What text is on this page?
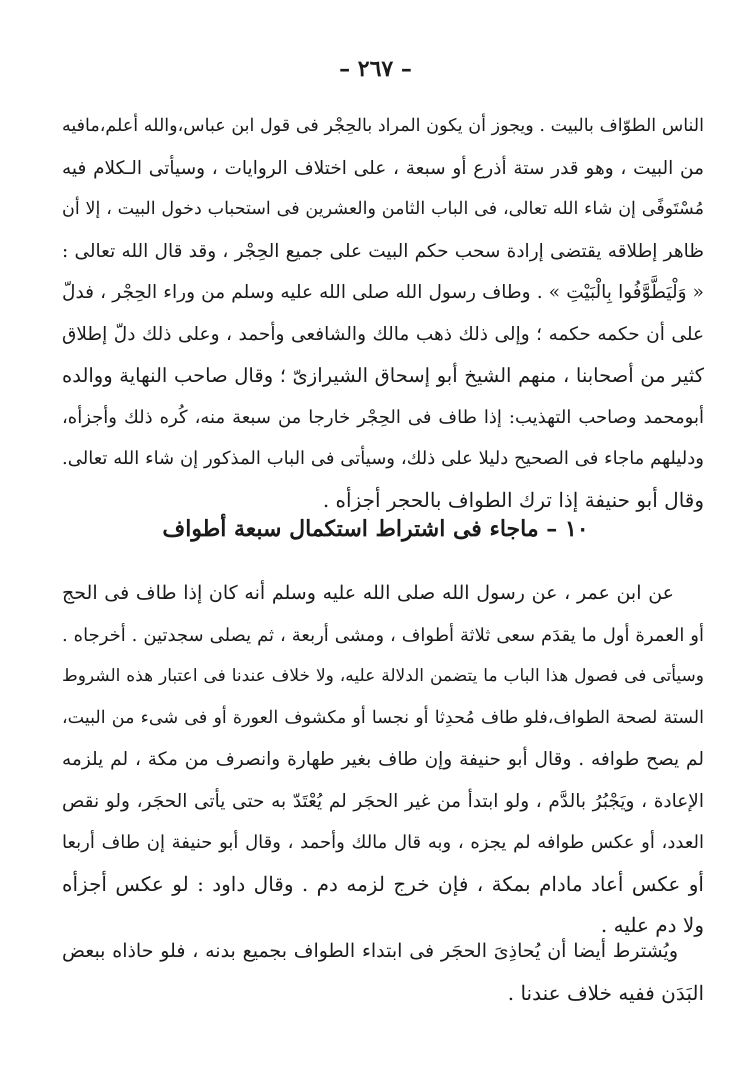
– ٢٦٧ –
الناس الطوّاف بالبيت . ويجوز أن يكون المراد بالحِجْر فى قول ابن عباس،والله أعلم،مافيه
من البيت ، وهو قدر ستة أذرع أو سبعة ، على اختلاف الروايات ، وسيأتى الـكلام فيه
مُسْتَوفًى إن شاء الله تعالى، فى الباب الثامن والعشرين فى استحباب دخول البيت ، إلا أن
ظاهر إطلاقه يقتضى إرادة سحب حكم البيت على جميع الحِجْر ، وقد قال الله تعالى :
« وَلْيَطَّوَّفُوا بِالْبَيْتِ » . وطاف رسول الله صلى الله عليه وسلم من وراء الحِجْر ، فدلّ
على أن حكمه حكمه ؛ وإلى ذلك ذهب مالك والشافعى وأحمد ، وعلى ذلك دلّ إطلاق
كثير من أصحابنا ، منهم الشيخ أبو إسحاق الشيرازىّ ؛ وقال صاحب النهاية ووالده
أبومحمد وصاحب التهذيب: إذا طاف فى الحِجْر خارجا من سبعة منه، كُره ذلك وأجزأه،
ودليلهم ماجاء فى الصحيح دليلا على ذلك، وسيأتى فى الباب المذكور إن شاء الله تعالى.
وقال أبو حنيفة إذا ترك الطواف بالحجر أجزأه .
١٠ – ماجاء فى اشتراط استكمال سبعة أطواف
عن ابن عمر ، عن رسول الله صلى الله عليه وسلم أنه كان إذا طاف فى الحج
أو العمرة أول ما يقدَم سعى ثلاثة أطواف ، ومشى أربعة ، ثم يصلى سجدتين . أخرجاه .
وسيأتى فى فصول هذا الباب ما يتضمن الدلالة عليه، ولا خلاف عندنا فى اعتبار هذه الشروط
الستة لصحة الطواف،فلو طاف مُحدِثا أو نجسا أو مكشوف العورة أو فى شىء من البيت،
لم يصح طوافه . وقال أبو حنيفة وإن طاف بغير طهارة وانصرف من مكة ، لم يلزمه
الإعادة ، ويَجْبُرُ بالدَّم ، ولو ابتدأ من غير الحجَر لم يُعْتَدّ به حتى يأتى الحجَر، ولو نقص
العدد، أو عكس طوافه لم يجزه ، وبه قال مالك وأحمد ، وقال أبو حنيفة إن طاف أربعا
أو عكس أعاد مادام بمكة ، فإن خرج لزمه دم . وقال داود : لو عكس أجزأه
ولا دم عليه .
ويُشترط أيضا أن يُحاذِىَ الحجَر فى ابتداء الطواف بجميع بدنه ، فلو حاذاه ببعض
البَدَن ففيه خلاف عندنا .
